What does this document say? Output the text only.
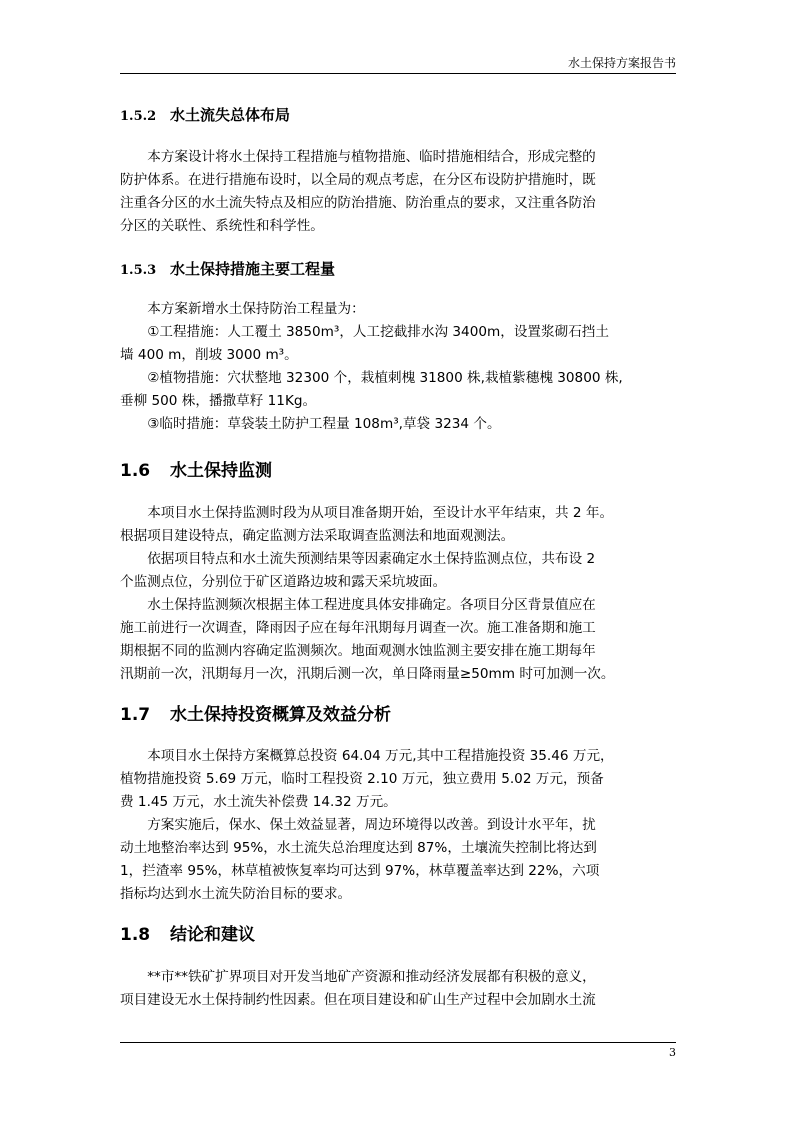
水土保持方案报告书
1.5.2 水土流失总体布局

本方案设计将水土保持工程措施与植物措施、临时措施相结合，形成完整的

防护体系。在进行措施布设时，以全局的观点考虑，在分区布设防护措施时，既

注重各分区的水土流失特点及相应的防治措施、防治重点的要求，又注重各防治

分区的关联性、系统性和科学性。

1.5.3 水土保持措施主要工程量

本方案新增水土保持防治工程量为：

①工程措施：人工覆土 3850m³，人工挖截排水沟 3400m，设置浆砌石挡土

墙 400 m，削坡 3000 m³。

②植物措施：穴状整地 32300 个，栽植刺槐 31800 株,栽植紫穗槐 30800 株,

垂柳 500 株，播撒草籽 11Kg。

③临时措施：草袋装土防护工程量 108m³,草袋 3234 个。

1.6 水土保持监测

本项目水土保持监测时段为从项目准备期开始，至设计水平年结束，共 2 年。

根据项目建设特点，确定监测方法采取调查监测法和地面观测法。

依据项目特点和水土流失预测结果等因素确定水土保持监测点位，共布设 2

个监测点位，分别位于矿区道路边坡和露天采坑坡面。

水土保持监测频次根据主体工程进度具体安排确定。各项目分区背景值应在

施工前进行一次调查，降雨因子应在每年汛期每月调查一次。施工准备期和施工

期根据不同的监测内容确定监测频次。地面观测水蚀监测主要安排在施工期每年

汛期前一次，汛期每月一次，汛期后测一次，单日降雨量≥50mm 时可加测一次。

1.7 水土保持投资概算及效益分析

本项目水土保持方案概算总投资 64.04 万元,其中工程措施投资 35.46 万元，

植物措施投资 5.69 万元，临时工程投资 2.10 万元，独立费用 5.02 万元，预备

费 1.45 万元，水土流失补偿费 14.32 万元。

方案实施后，保水、保土效益显著，周边环境得以改善。到设计水平年，扰

动土地整治率达到 95%，水土流失总治理度达到 87%，土壤流失控制比将达到

1，拦渣率 95%，林草植被恢复率均可达到 97%，林草覆盖率达到 22%，六项

指标均达到水土流失防治目标的要求。

1.8 结论和建议

**市**铁矿扩界项目对开发当地矿产资源和推动经济发展都有积极的意义，

项目建设无水土保持制约性因素。但在项目建设和矿山生产过程中会加剧水土流

3
